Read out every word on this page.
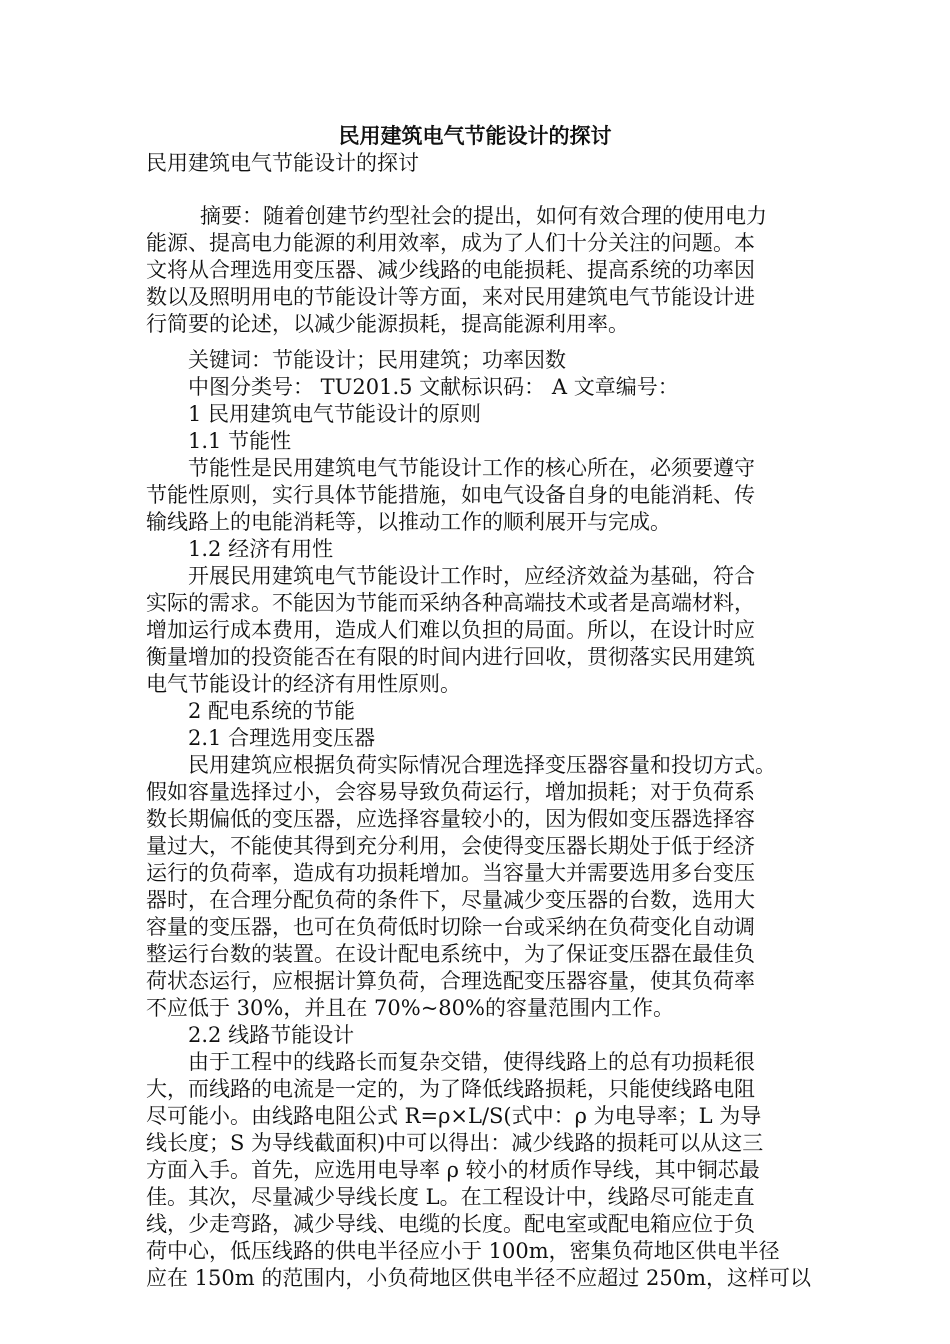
民用建筑电气节能设计的探讨
民用建筑电气节能设计的探讨
摘要：随着创建节约型社会的提出，如何有效合理的使用电力
能源、提高电力能源的利用效率，成为了人们十分关注的问题。本
文将从合理选用变压器、减少线路的电能损耗、提高系统的功率因
数以及照明用电的节能设计等方面，来对民用建筑电气节能设计进
行简要的论述，以减少能源损耗，提高能源利用率。
关键词：节能设计；民用建筑；功率因数
中图分类号： TU201.5 文献标识码： A 文章编号：
1 民用建筑电气节能设计的原则
1.1 节能性
节能性是民用建筑电气节能设计工作的核心所在，必须要遵守
节能性原则，实行具体节能措施，如电气设备自身的电能消耗、传
输线路上的电能消耗等，以推动工作的顺利展开与完成。
1.2 经济有用性
开展民用建筑电气节能设计工作时，应经济效益为基础，符合
实际的需求。不能因为节能而采纳各种高端技术或者是高端材料，
增加运行成本费用，造成人们难以负担的局面。所以，在设计时应
衡量增加的投资能否在有限的时间内进行回收，贯彻落实民用建筑
电气节能设计的经济有用性原则。
2 配电系统的节能
2.1 合理选用变压器
民用建筑应根据负荷实际情况合理选择变压器容量和投切方式。
假如容量选择过小，会容易导致负荷运行，增加损耗；对于负荷系
数长期偏低的变压器，应选择容量较小的，因为假如变压器选择容
量过大，不能使其得到充分利用，会使得变压器长期处于低于经济
运行的负荷率，造成有功损耗增加。当容量大并需要选用多台变压
器时，在合理分配负荷的条件下，尽量减少变压器的台数，选用大
容量的变压器，也可在负荷低时切除一台或采纳在负荷变化自动调
整运行台数的装置。在设计配电系统中，为了保证变压器在最佳负
荷状态运行，应根据计算负荷，合理选配变压器容量，使其负荷率
不应低于 30%，并且在 70%~80%的容量范围内工作。
2.2 线路节能设计
由于工程中的线路长而复杂交错，使得线路上的总有功损耗很
大，而线路的电流是一定的，为了降低线路损耗，只能使线路电阻
尽可能小。由线路电阻公式 R=ρ×L/S(式中：ρ 为电导率；L 为导
线长度；S 为导线截面积)中可以得出：减少线路的损耗可以从这三
方面入手。首先，应选用电导率 ρ 较小的材质作导线，其中铜芯最
佳。其次，尽量减少导线长度 L。在工程设计中，线路尽可能走直
线，少走弯路，减少导线、电缆的长度。配电室或配电箱应位于负
荷中心，低压线路的供电半径应小于 100m，密集负荷地区供电半径
应在 150m 的范围内，小负荷地区供电半径不应超过 250m，这样可以
